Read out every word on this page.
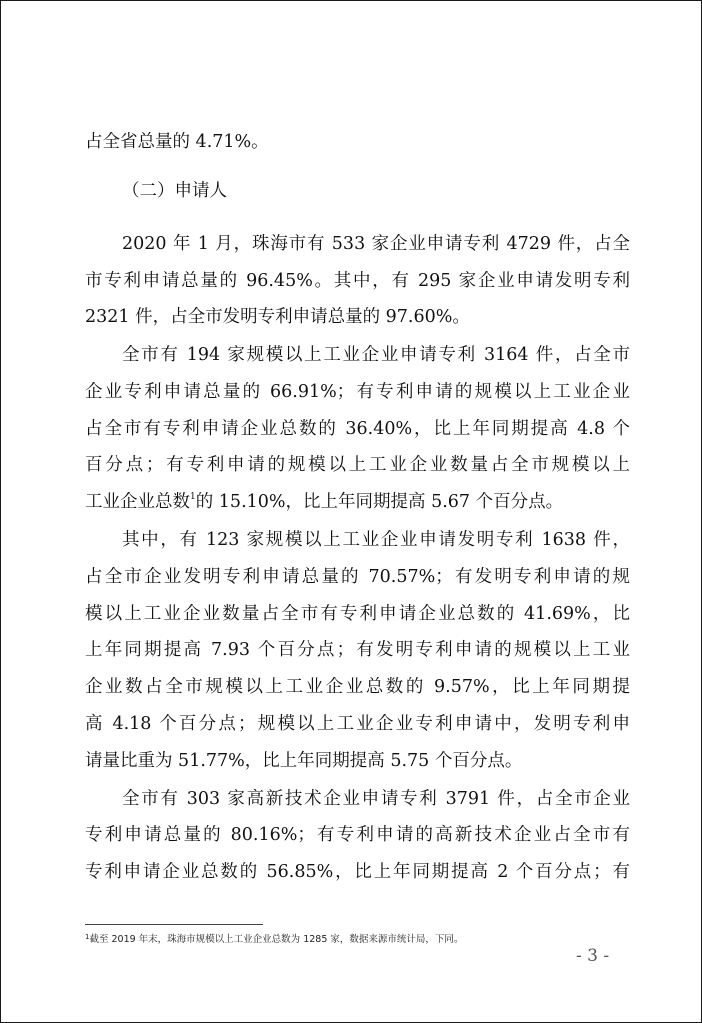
占全省总量的 4.71%。
（二）申请人
2020 年 1 月，珠海市有 533 家企业申请专利 4729 件，占全
市专利申请总量的 96.45%。其中，有 295 家企业申请发明专利
2321 件，占全市发明专利申请总量的 97.60%。
全市有 194 家规模以上工业企业申请专利 3164 件，占全市
企业专利申请总量的 66.91%；有专利申请的规模以上工业企业
占全市有专利申请企业总数的 36.40%，比上年同期提高 4.8 个
百分点；有专利申请的规模以上工业企业数量占全市规模以上
工业企业总数$^1$的 15.10%，比上年同期提高 5.67 个百分点。
其中，有 123 家规模以上工业企业申请发明专利 1638 件，
占全市企业发明专利申请总量的 70.57%；有发明专利申请的规
模以上工业企业数量占全市有专利申请企业总数的 41.69%，比
上年同期提高 7.93 个百分点；有发明专利申请的规模以上工业
企业数占全市规模以上工业企业总数的 9.57%，比上年同期提
高 4.18 个百分点；规模以上工业企业专利申请中，发明专利申
请量比重为 51.77%，比上年同期提高 5.75 个百分点。
全市有 303 家高新技术企业申请专利 3791 件，占全市企业
专利申请总量的 80.16%；有专利申请的高新技术企业占全市有
专利申请企业总数的 56.85%，比上年同期提高 2 个百分点；有
$^1$截至 2019 年末，珠海市规模以上工业企业总数为 1285 家，数据来源市统计局，下同。
- 3 -
